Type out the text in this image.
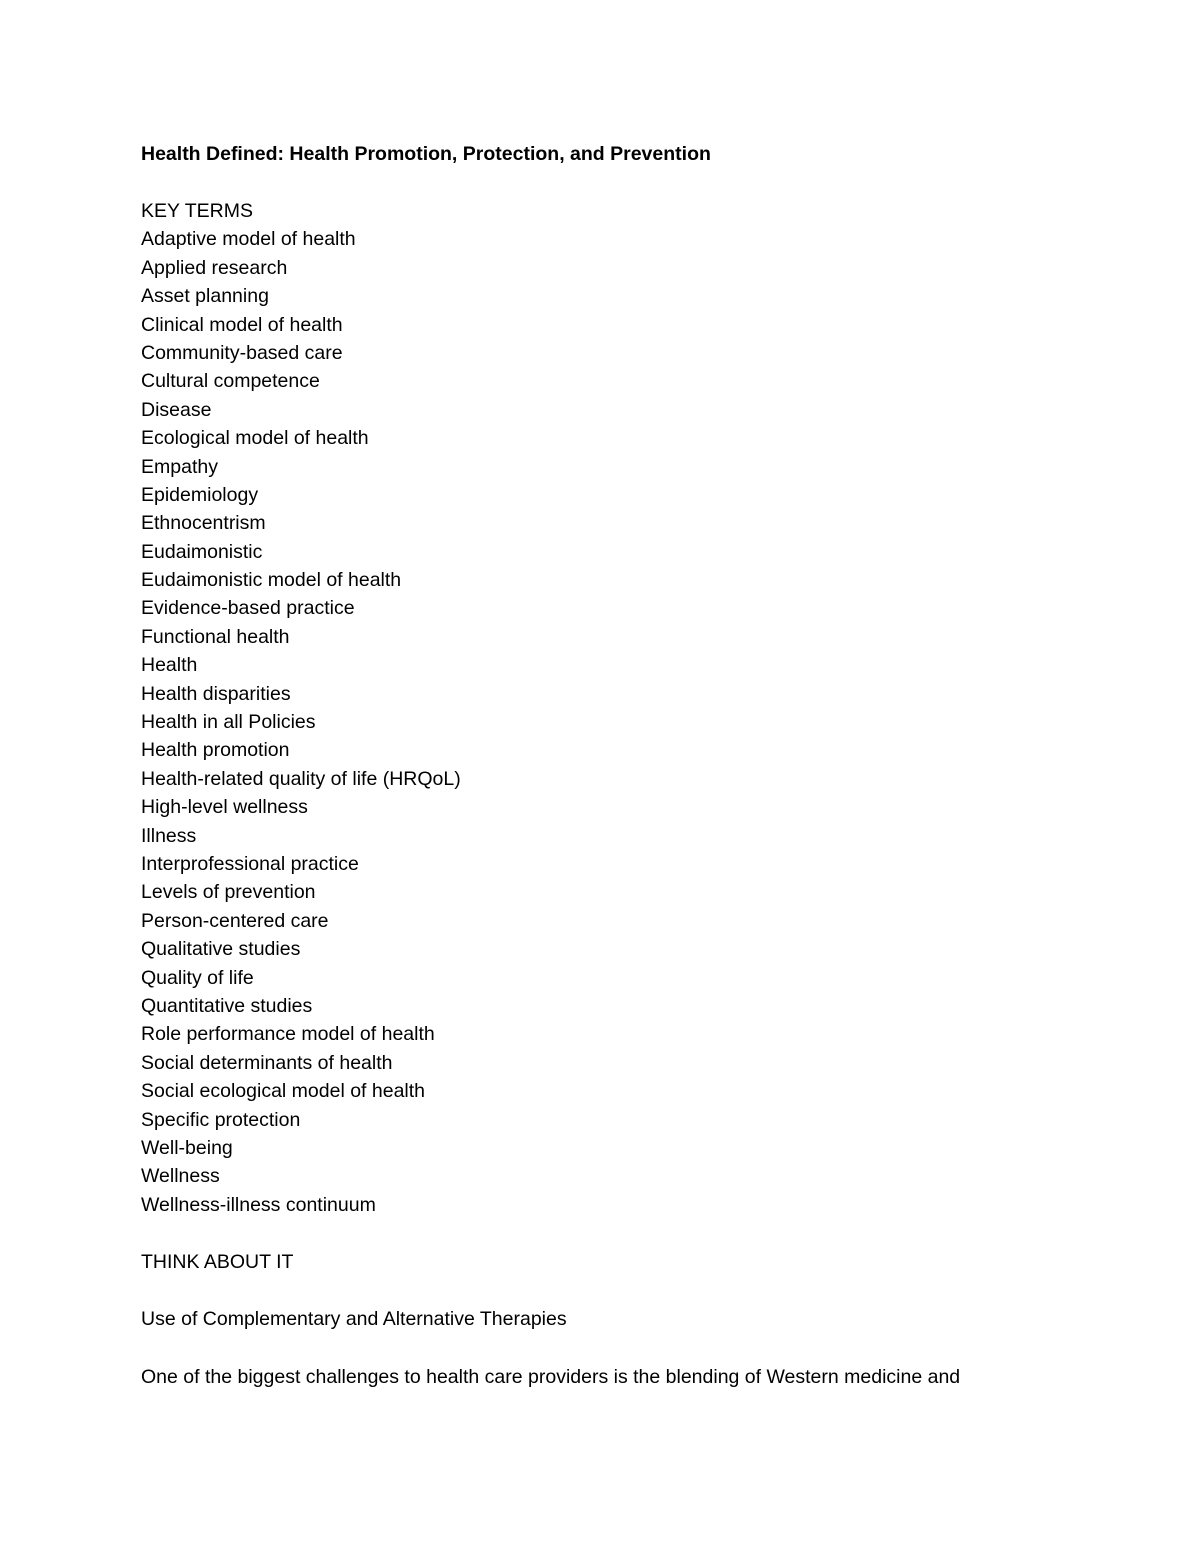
Health Defined: Health Promotion, Protection, and Prevention

KEY TERMS

Adaptive model of health
Applied research
Asset planning
Clinical model of health
Community-based care
Cultural competence
Disease
Ecological model of health
Empathy
Epidemiology
Ethnocentrism
Eudaimonistic
Eudaimonistic model of health
Evidence-based practice
Functional health
Health
Health disparities
Health in all Policies
Health promotion
Health-related quality of life (HRQoL)
High-level wellness
Illness
Interprofessional practice
Levels of prevention
Person-centered care
Qualitative studies
Quality of life
Quantitative studies
Role performance model of health
Social determinants of health
Social ecological model of health
Specific protection
Well-being
Wellness
Wellness-illness continuum

THINK ABOUT IT

Use of Complementary and Alternative Therapies

One of the biggest challenges to health care providers is the blending of Western medicine and
